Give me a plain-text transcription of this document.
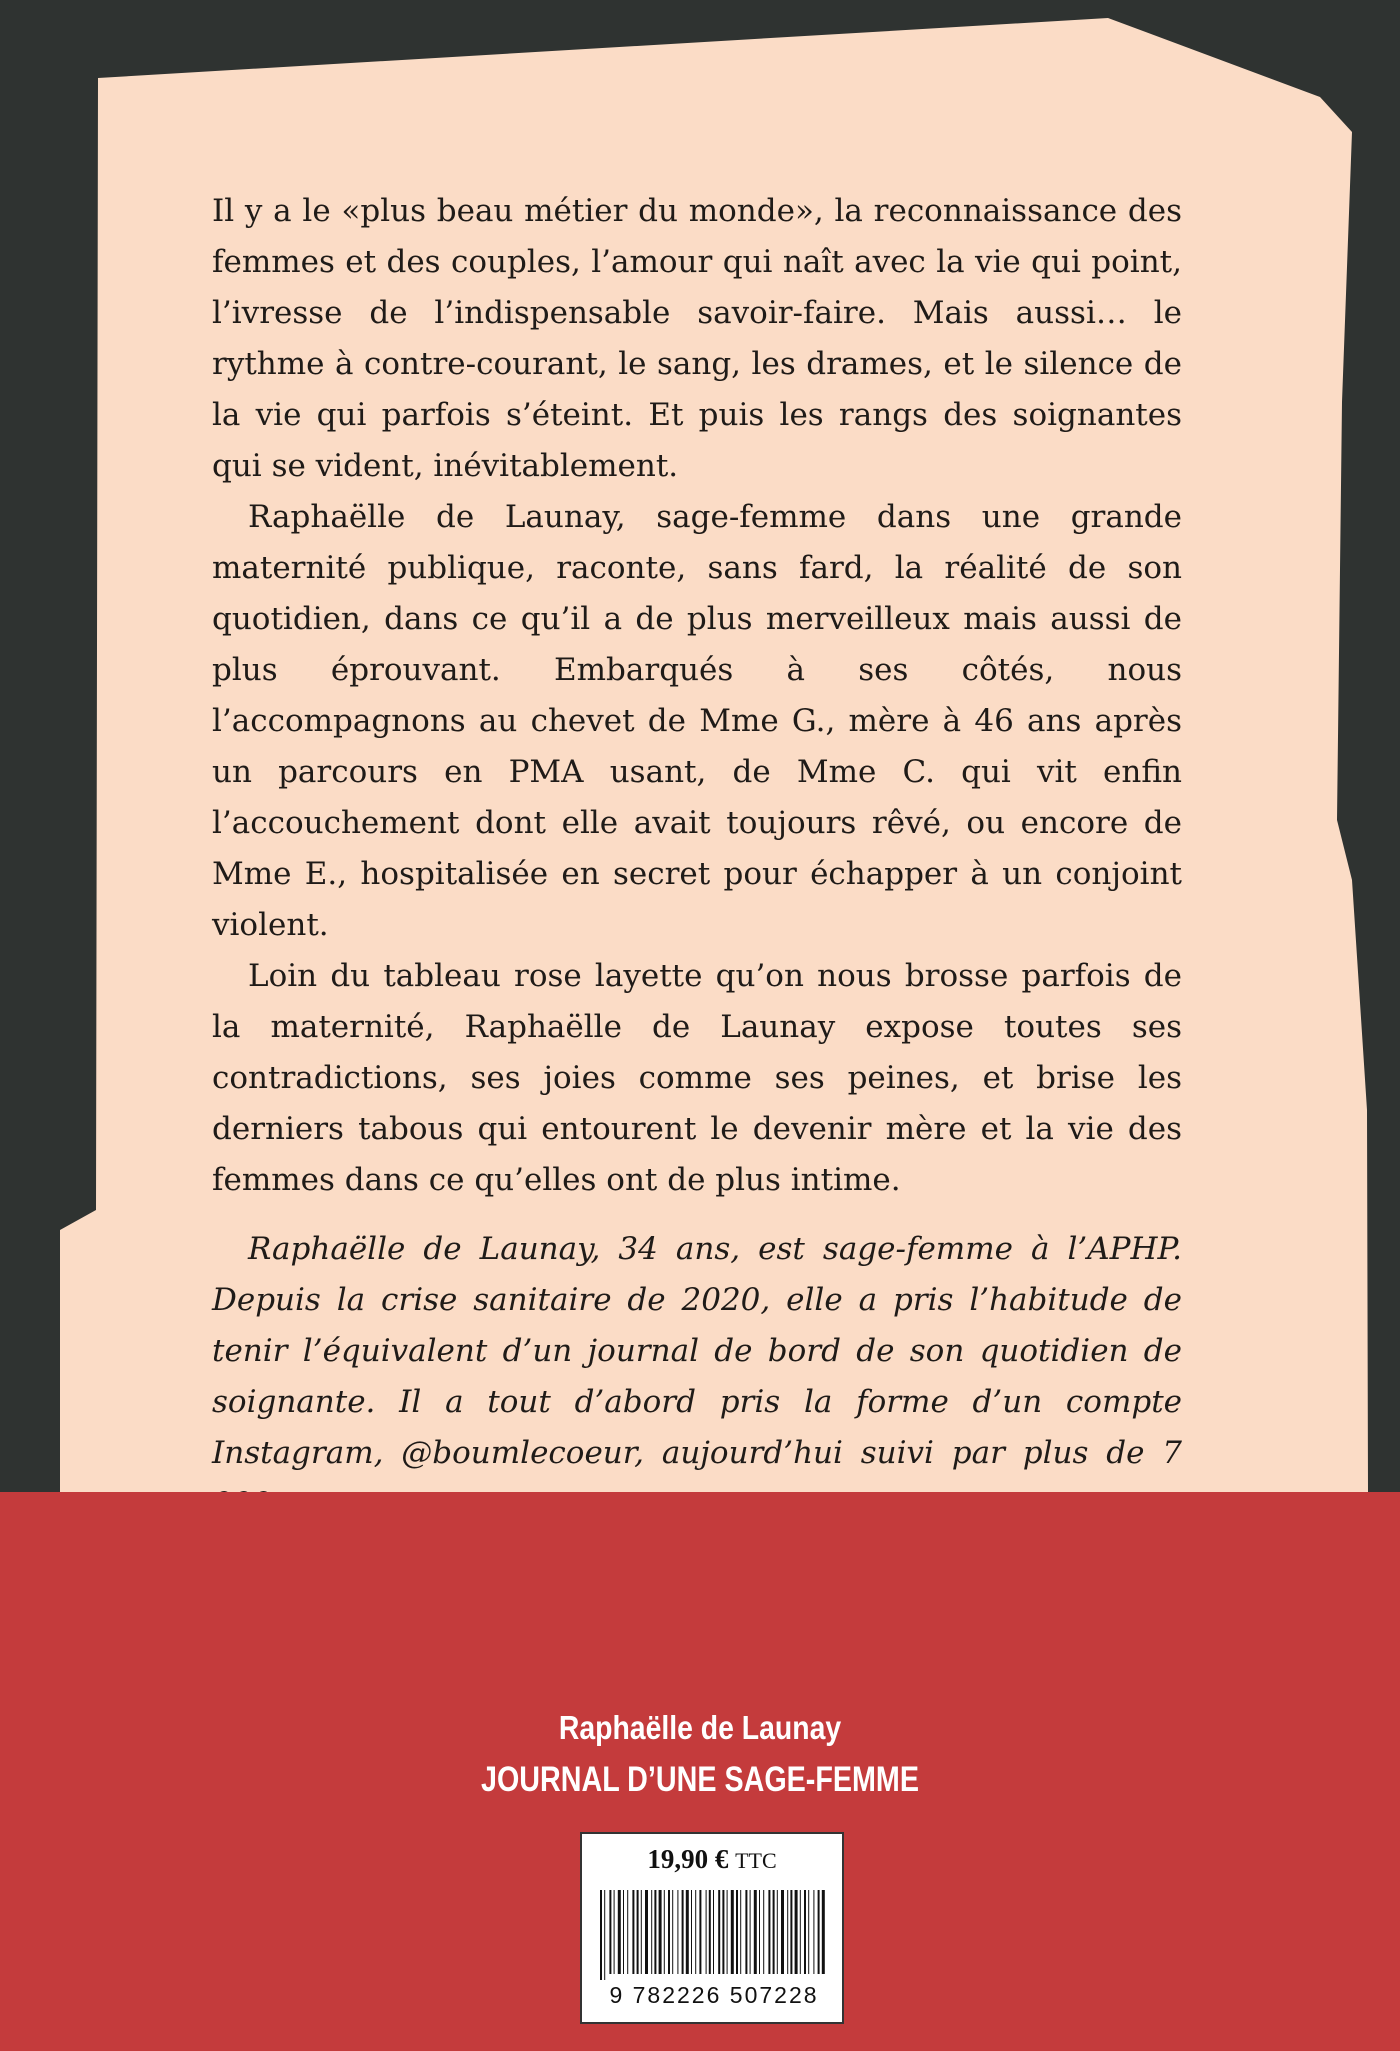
Il y a le «plus beau métier du monde», la reconnaissance des femmes et des couples, l’amour qui naît avec la vie qui point, l’ivresse de l’indispensable savoir-faire. Mais aussi… le rythme à contre-courant, le sang, les drames, et le silence de la vie qui parfois s’éteint. Et puis les rangs des soignantes qui se vident, inévitablement.

Raphaëlle de Launay, sage-femme dans une grande maternité publique, raconte, sans fard, la réalité de son quotidien, dans ce qu’il a de plus merveilleux mais aussi de plus éprouvant. Embarqués à ses côtés, nous l’accompagnons au chevet de Mme G., mère à 46 ans après un parcours en PMA usant, de Mme C. qui vit enfin l’accouchement dont elle avait toujours rêvé, ou encore de Mme E., hospitalisée en secret pour échapper à un conjoint violent.

Loin du tableau rose layette qu’on nous brosse parfois de la maternité, Raphaëlle de Launay expose toutes ses contradictions, ses joies comme ses peines, et brise les derniers tabous qui entourent le devenir mère et la vie des femmes dans ce qu’elles ont de plus intime.

Raphaëlle de Launay, 34 ans, est sage-femme à l’APHP. Depuis la crise sanitaire de 2020, elle a pris l’habitude de tenir l’équivalent d’un journal de bord de son quotidien de soignante. Il a tout d’abord pris la forme d’un compte Instagram, @boumlecoeur, aujourd’hui suivi par plus de 7

Raphaëlle de Launay
JOURNAL D’UNE SAGE-FEMME
19,90 € TTC
9 782226 507228
